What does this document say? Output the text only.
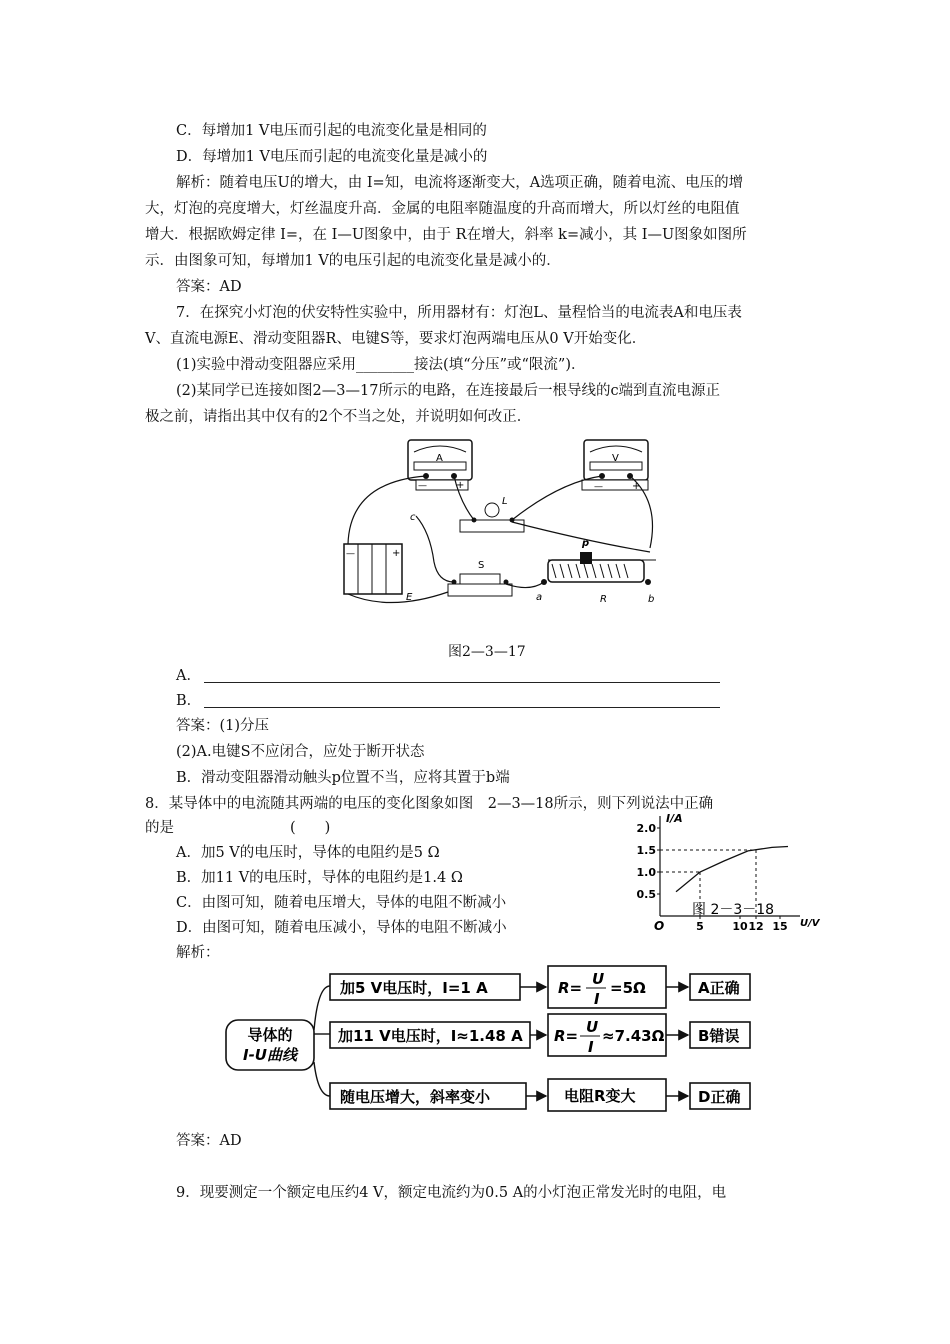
C．每增加1 V电压而引起的电流变化量是相同的
D．每增加1 V电压而引起的电流变化量是减小的
解析：随着电压U的增大，由 I=知，电流将逐渐变大，A选项正确，随着电流、电压的增
大，灯泡的亮度增大，灯丝温度升高．金属的电阻率随温度的升高而增大，所以灯丝的电阻值
增大．根据欧姆定律 I=，在 I—U图象中，由于 R在增大，斜率 k=减小，其 I—U图象如图所
示．由图象可知，每增加1 V的电压引起的电流变化量是减小的．
答案：AD
7．在探究小灯泡的伏安特性实验中，所用器材有：灯泡L、量程恰当的电流表A和电压表
V、直流电源E、滑动变阻器R、电键S等，要求灯泡两端电压从0 V开始变化．
(1)实验中滑动变阻器应采用________接法(填“分压”或“限流”)．
(2)某同学已连接如图2—3—17所示的电路，在连接最后一根导线的c端到直流电源正
极之前，请指出其中仅有的2个不当之处，并说明如何改正．
A
—	+
V
—	+
L
S
—	+
E
p
a	R	b
c
图2—3—17
A．
B．
答案：(1)分压
(2)A.电键S不应闭合，应处于断开状态
B．滑动变阻器滑动触头p位置不当，应将其置于b端
8．某导体中的电流随其两端的电压的变化图象如图　2—3—18所示，则下列说法中正确
的是　　　　　　　　(　　)
A．加5 V的电压时，导体的电阻约是5 Ω
B．加11 V的电压时，导体的电阻约是1.4 Ω
C．由图可知，随着电压增大，导体的电阻不断减小
D．由图可知，随着电压减小，导体的电阻不断减小
解析：
I/A
U/V
O
2.0
1.5
1.0
0.5
5	10 12 15
图 2－3－18
导体的
I-U曲线
加5 V电压时，I=1 A	R= U
I
=5Ω	A正确
加11 V电压时，I≈1.48 A R= U
I
≈7.43Ω B错误
随电压增大，斜率变小	电阻R变大	D正确
答案：AD
9．现要测定一个额定电压约4 V，额定电流约为0.5 A的小灯泡正常发光时的电阻，电
